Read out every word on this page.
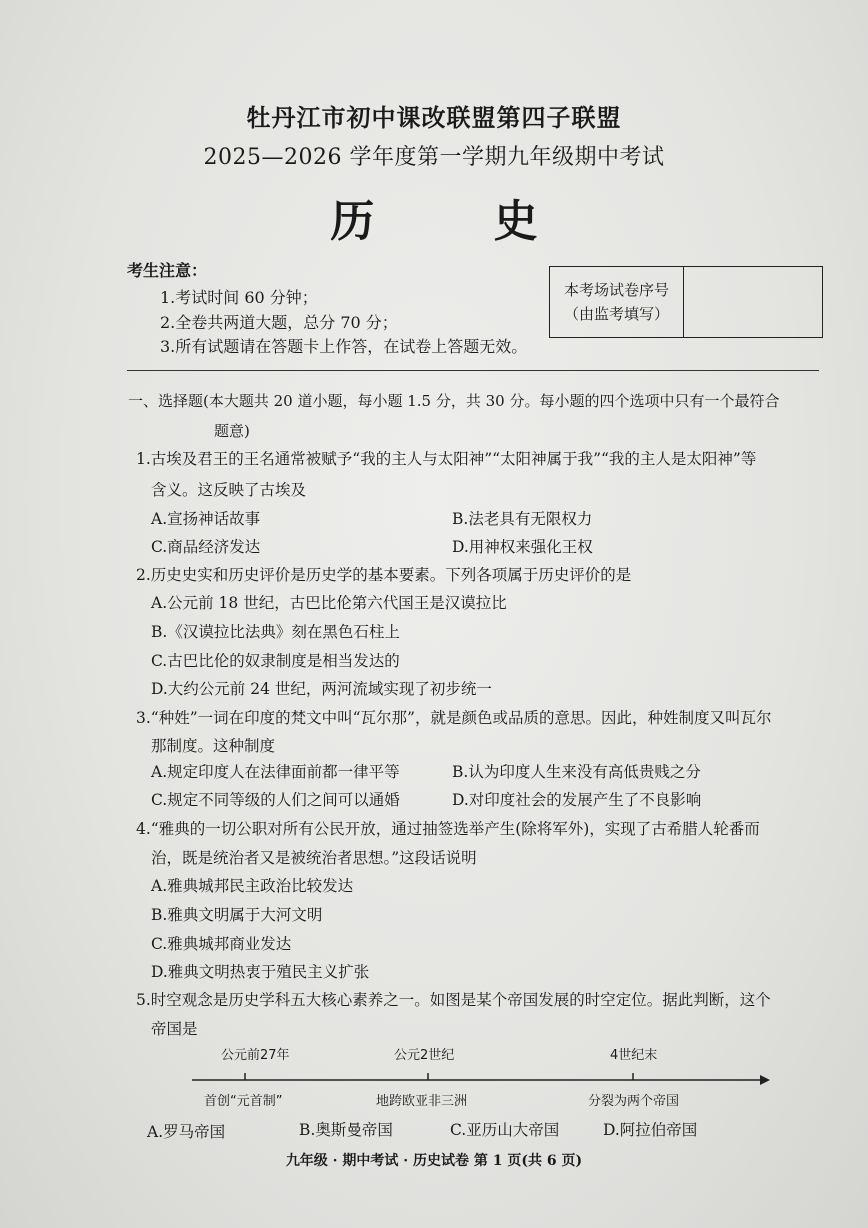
牡丹江市初中课改联盟第四子联盟
2025—2026 学年度第一学期九年级期中考试
历 史
考生注意：
1.考试时间 60 分钟；
2.全卷共两道大题，总分 70 分；
3.所有试题请在答题卡上作答，在试卷上答题无效。
本考场试卷序号
（由监考填写）
一、选择题(本大题共 20 道小题，每小题 1.5 分，共 30 分。每小题的四个选项中只有一个最符合
题意)
1.古埃及君王的王名通常被赋予“我的主人与太阳神”“太阳神属于我”“我的主人是太阳神”等
含义。这反映了古埃及
A.宣扬神话故事	B.法老具有无限权力
C.商品经济发达	D.用神权来强化王权
2.历史史实和历史评价是历史学的基本要素。下列各项属于历史评价的是
A.公元前 18 世纪，古巴比伦第六代国王是汉谟拉比
B.《汉谟拉比法典》刻在黑色石柱上
C.古巴比伦的奴隶制度是相当发达的
D.大约公元前 24 世纪，两河流域实现了初步统一
3.“种姓”一词在印度的梵文中叫“瓦尔那”，就是颜色或品质的意思。因此，种姓制度又叫瓦尔
那制度。这种制度
A.规定印度人在法律面前都一律平等	B.认为印度人生来没有高低贵贱之分
C.规定不同等级的人们之间可以通婚	D.对印度社会的发展产生了不良影响
4.“雅典的一切公职对所有公民开放，通过抽签选举产生(除将军外)，实现了古希腊人轮番而
治，既是统治者又是被统治者思想。”这段话说明
A.雅典城邦民主政治比较发达
B.雅典文明属于大河文明
C.雅典城邦商业发达
D.雅典文明热衷于殖民主义扩张
5.时空观念是历史学科五大核心素养之一。如图是某个帝国发展的时空定位。据此判断，这个
帝国是
公元前27年	公元2世纪	4世纪末
首创“元首制”	地跨欧亚非三洲	分裂为两个帝国
A.罗马帝国	B.奥斯曼帝国	C.亚历山大帝国	D.阿拉伯帝国
九年级 · 期中考试 · 历史试卷 第 1 页(共 6 页)
